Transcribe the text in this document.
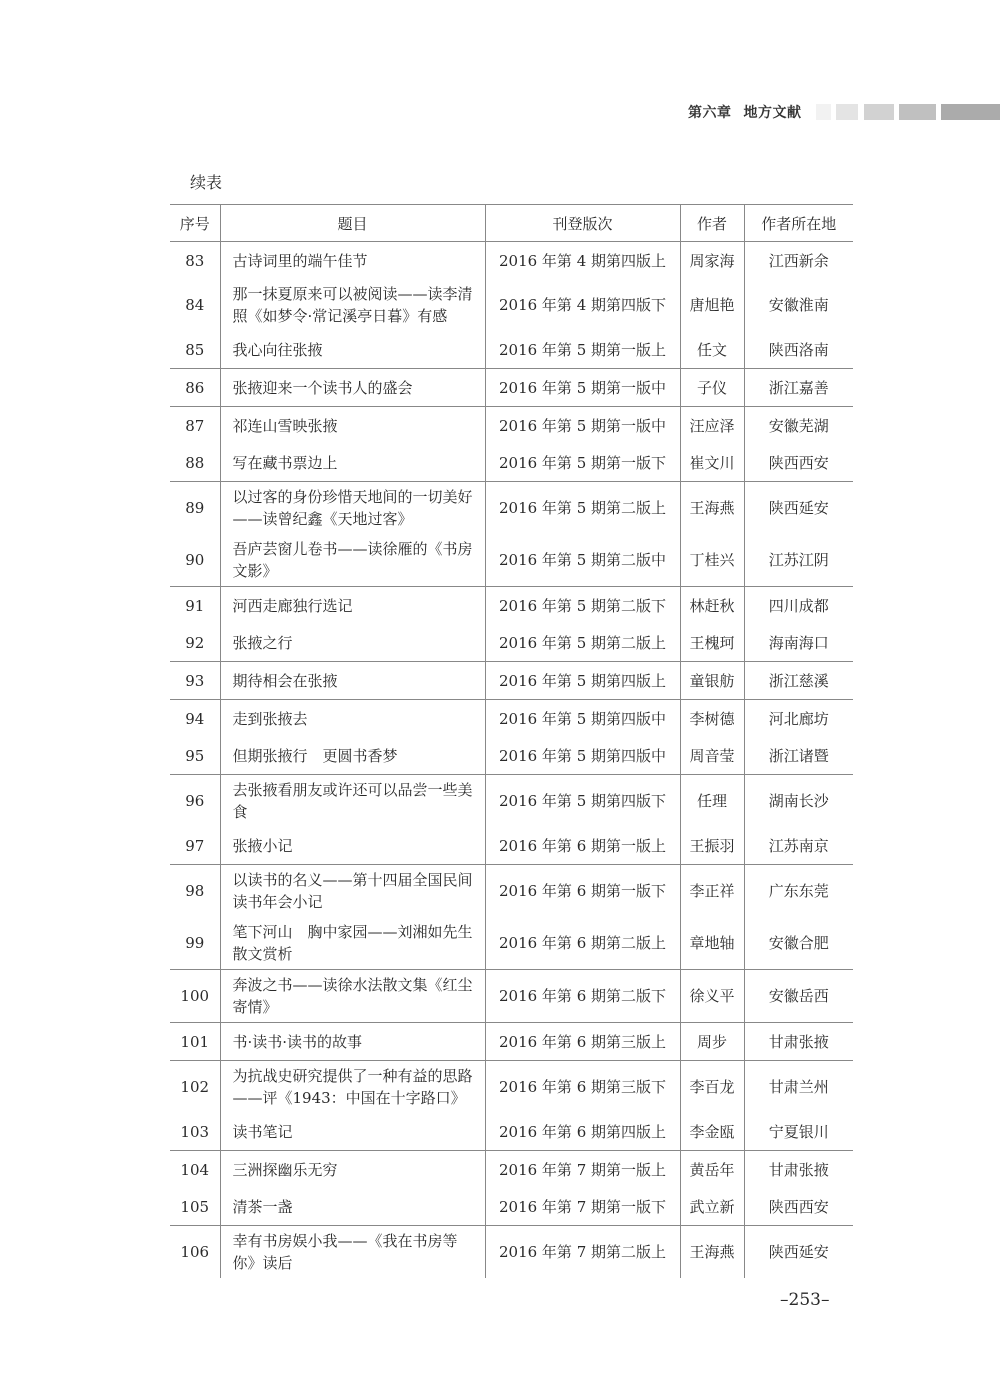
第六章 地方文献
续表
序号	题目	刊登版次	作者	作者所在地
83	古诗词里的端午佳节	2016 年第 4 期第四版上	周家海	江西新余
84	那一抹夏原来可以被阅读——读李清照《如梦令·常记溪亭日暮》有感	2016 年第 4 期第四版下	唐旭艳	安徽淮南
85	我心向往张掖	2016 年第 5 期第一版上	任文	陕西洛南
86	张掖迎来一个读书人的盛会	2016 年第 5 期第一版中	子仪	浙江嘉善
87	祁连山雪映张掖	2016 年第 5 期第一版中	汪应泽	安徽芜湖
88	写在藏书票边上	2016 年第 5 期第一版下	崔文川	陕西西安
89	以过客的身份珍惜天地间的一切美好——读曾纪鑫《天地过客》	2016 年第 5 期第二版上	王海燕	陕西延安
90	吾庐芸窗儿卷书——读徐雁的《书房文影》	2016 年第 5 期第二版中	丁桂兴	江苏江阴
91	河西走廊独行选记	2016 年第 5 期第二版下	林赶秋	四川成都
92	张掖之行	2016 年第 5 期第二版上	王槐珂	海南海口
93	期待相会在张掖	2016 年第 5 期第四版上	童银舫	浙江慈溪
94	走到张掖去	2016 年第 5 期第四版中	李树德	河北廊坊
95	但期张掖行　更圆书香梦	2016 年第 5 期第四版中	周音莹	浙江诸暨
96	去张掖看朋友或许还可以品尝一些美食	2016 年第 5 期第四版下	任理	湖南长沙
97	张掖小记	2016 年第 6 期第一版上	王振羽	江苏南京
98	以读书的名义——第十四届全国民间读书年会小记	2016 年第 6 期第一版下	李正祥	广东东莞
99	笔下河山　胸中家园——刘湘如先生散文赏析	2016 年第 6 期第二版上	章地轴	安徽合肥
100	奔波之书——读徐水法散文集《红尘寄情》	2016 年第 6 期第二版下	徐义平	安徽岳西
101	书·读书·读书的故事	2016 年第 6 期第三版上	周步	甘肃张掖
102	为抗战史研究提供了一种有益的思路——评《1943：中国在十字路口》	2016 年第 6 期第三版下	李百龙	甘肃兰州
103	读书笔记	2016 年第 6 期第四版上	李金瓯	宁夏银川
104	三洲探幽乐无穷	2016 年第 7 期第一版上	黄岳年	甘肃张掖
105	清茶一盏	2016 年第 7 期第一版下	武立新	陕西西安
106	幸有书房娱小我——《我在书房等你》读后	2016 年第 7 期第二版上	王海燕	陕西延安
–253–
